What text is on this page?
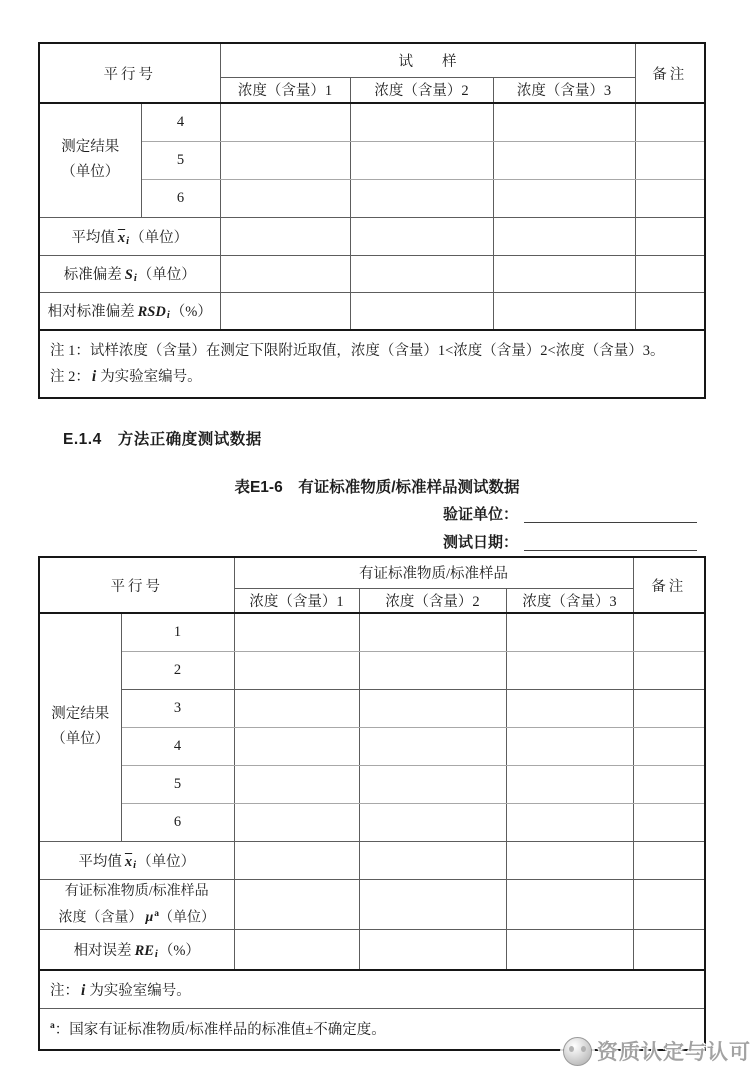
平行号		试　　样			备注
		浓度（含量）1	浓度（含量）2	浓度（含量）3	

测定结果
（单位）	4				
	5				
	6				
平均值 $\overline{x}i$（单位）					
标准偏差 Si（单位）					
相对标准偏差 RSDi（%）					

注 1：试样浓度（含量）在测定下限附近取值，浓度（含量）1<浓度（含量）2<浓度（含量）3。
注 2： i 为实验室编号。					
E.1.4　方法正确度测试数据
表E1-6　有证标准物质/标准样品测试数据
验证单位：
测试日期：
平行号		有证标准物质/标准样品			备注
		浓度（含量）1	浓度（含量）2	浓度（含量）3	

测定结果
（单位）	1				
	2				
	3				
	4				
	5				
	6				
平均值 $\overline{x}i$（单位）					

有证标准物质/标准样品
浓度（含量） $\mu^a$（单位）					

相对误差 REi（%）					
注： i 为实验室编号。					
$^a$：国家有证标准物质/标准样品的标准值±不确定度。					
资质认定与认可
